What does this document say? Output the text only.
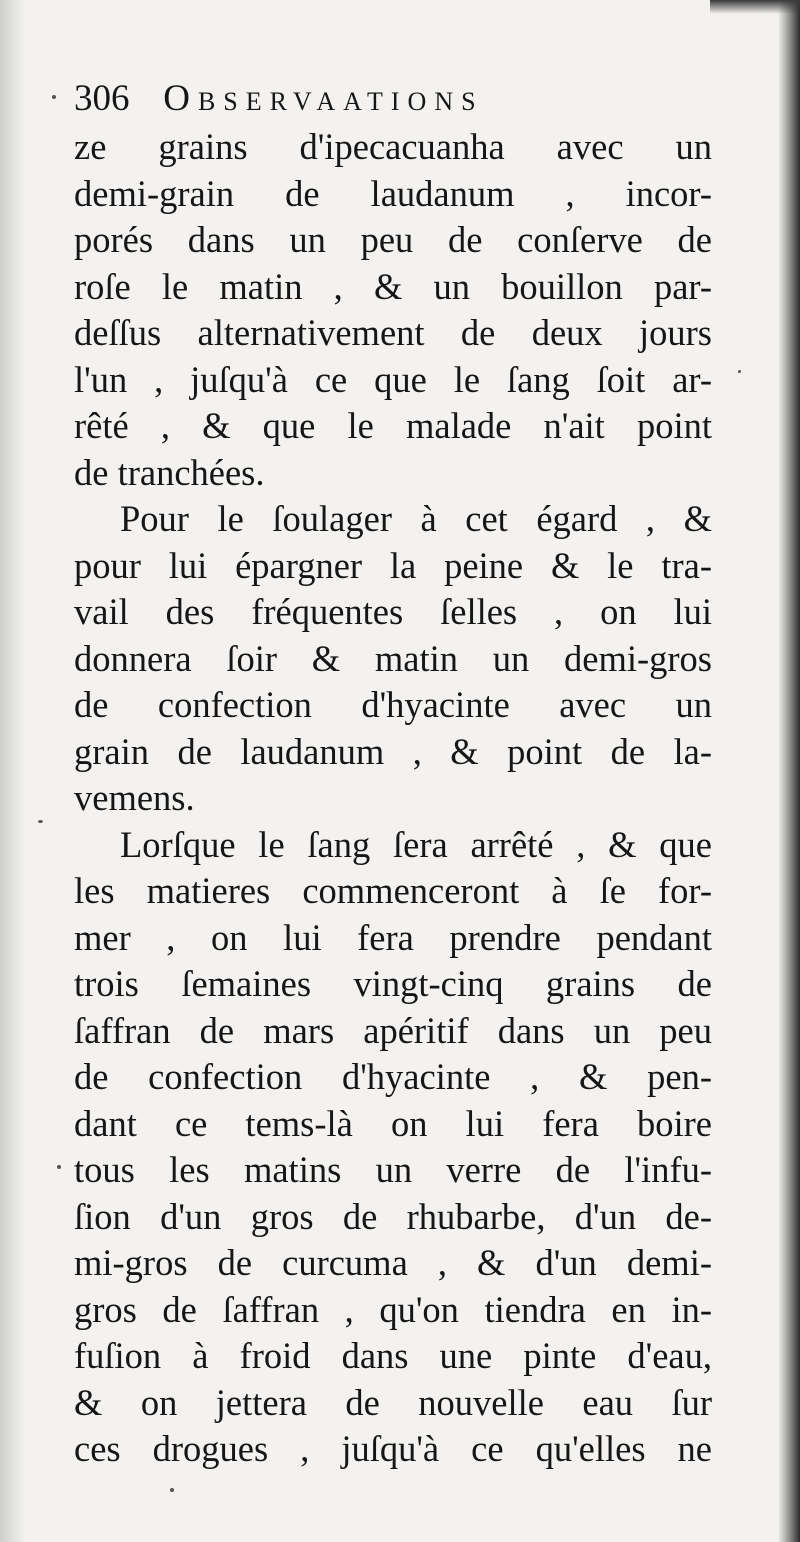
306 Observaations
ze grains d'ipecacuanha avec un
demi-grain de laudanum , incor-
porés dans un peu de conſerve de
roſe le matin , & un bouillon par-
deſſus alternativement de deux jours
l'un , juſqu'à ce que le ſang ſoit ar-
rêté , & que le malade n'ait point
de tranchées.
Pour le ſoulager à cet égard , &
pour lui épargner la peine & le tra-
vail des fréquentes ſelles , on lui
donnera ſoir & matin un demi-gros
de confection d'hyacinte avec un
grain de laudanum , & point de la-
vemens.
Lorſque le ſang ſera arrêté , & que
les matieres commenceront à ſe for-
mer , on lui fera prendre pendant
trois ſemaines vingt-cinq grains de
ſaffran de mars apéritif dans un peu
de confection d'hyacinte , & pen-
dant ce tems-là on lui fera boire
tous les matins un verre de l'infu-
ſion d'un gros de rhubarbe, d'un de-
mi-gros de curcuma , & d'un demi-
gros de ſaffran , qu'on tiendra en in-
fuſion à froid dans une pinte d'eau,
& on jettera de nouvelle eau ſur
ces drogues , juſqu'à ce qu'elles ne
